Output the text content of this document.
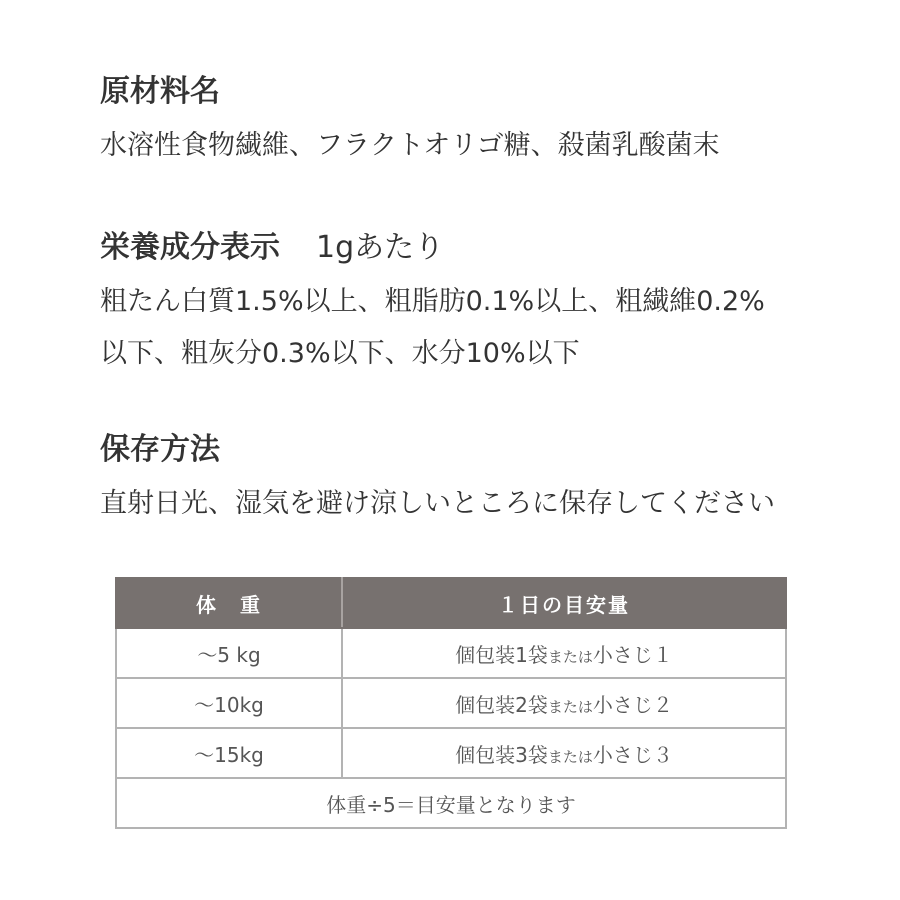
原材料名

水溶性食物繊維、フラクトオリゴ糖、殺菌乳酸菌末

栄養成分表示 1gあたり

粗たん白質1.5%以上、粗脂肪0.1%以上、粗繊維0.2%

以下、粗灰分0.3%以下、水分10%以下

保存方法

直射日光、湿気を避け涼しいところに保存してください

体　重	１日の目安量
～5 kg	個包装1袋または小さじ１
～10kg	個包装2袋または小さじ２
～15kg	個包装3袋または小さじ３
体重÷5＝目安量となります	
